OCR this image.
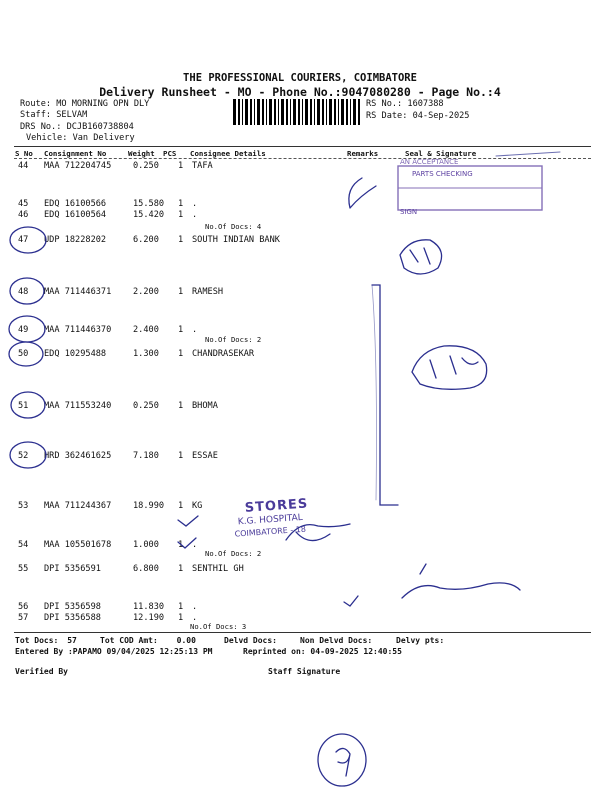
THE PROFESSIONAL COURIERS, COIMBATORE
Delivery Runsheet - MO - Phone No.:9047080280 - Page No.:4
Route: MO MORNING OPN DLY
Staff: SELVAM
DRS No.: DCJB160738804
Vehicle: Van Delivery
RS No.: 1607388
RS Date: 04-Sep-2025
S No Consignment No	Weight PCS Consignee Details	Remarks	Seal & Signature
44 MAA 712204745	0.250 1 TAFA
45 EDQ 16100566	15.580 1 .
46 EDQ 16100564	15.420 1 .
47 UDP 18228202	6.200 1 SOUTH INDIAN BANK
48 MAA 711446371	2.200 1 RAMESH
49 MAA 711446370	2.400 1 .
50 EDQ 10295488	1.300 1 CHANDRASEKAR
51 MAA 711553240	0.250 1 BHOMA
52 HRD 362461625	7.180 1 ESSAE
53 MAA 711244367	18.990 1 KG
54 MAA 105501678	1.000 1 .
55 DPI 5356591	6.800 1 SENTHIL GH
56 DPI 5356598	11.830 1 .
57 DPI 5356588	12.190 1 .
No.Of Docs: 4
No.Of Docs: 2
No.Of Docs: 2
No.Of Docs: 3
Tot Docs: 57	Tot COD Amt: 0.00	Delvd Docs:	Non Delvd Docs:	Delvy pts:
Entered By :PAPAMO 09/04/2025 12:25:13 PM	Reprinted on: 04-09-2025 12:40:55
Verified By	Staff Signature
AN ACCEPTANCE
PARTS CHECKING
SIGN
STORES
K.G. HOSPITAL
COIMBATORE - 18
